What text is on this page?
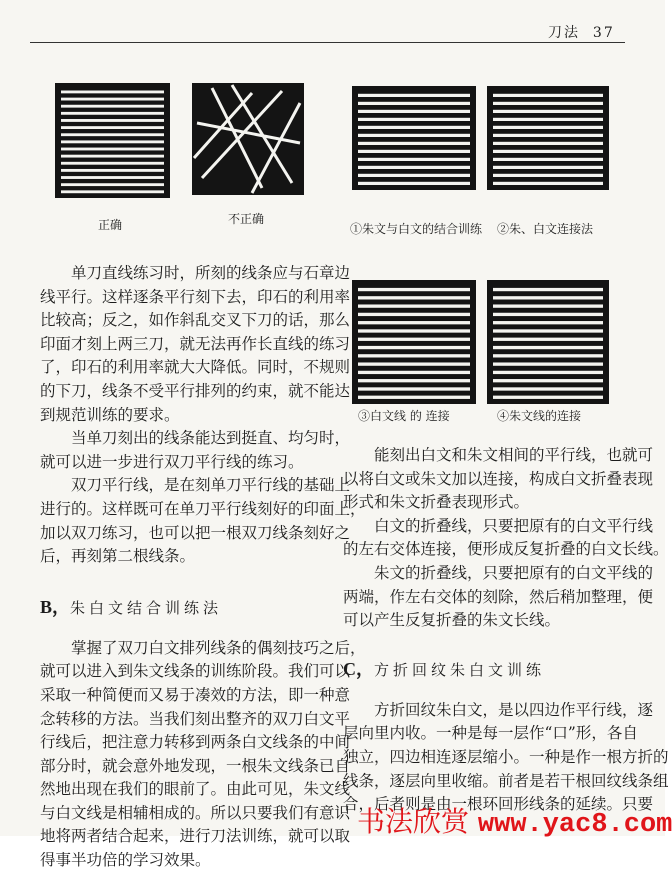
刀法 37
正确	不正确
①朱文与白文的结合训练 ②朱、白文连接法
③白文线 的 连接	④朱文线的连接
单刀直线练习时，所刻的线条应与石章边
线平行。这样逐条平行刻下去，印石的利用率
比较高；反之，如作斜乱交叉下刀的话，那么
印面才刻上两三刀，就无法再作长直线的练习
了，印石的利用率就大大降低。同时，不规则
的下刀，线条不受平行排列的约束，就不能达
到规范训练的要求。
当单刀刻出的线条能达到挺直、均匀时，
就可以进一步进行双刀平行线的练习。
双刀平行线，是在刻单刀平行线的基础上
进行的。这样既可在单刀平行线刻好的印面上，
加以双刀练习，也可以把一根双刀线条刻好之
后，再刻第二根线条。
B，朱白文结合训练法
掌握了双刀白文排列线条的偶刻技巧之后，
就可以进入到朱文线条的训练阶段。我们可以
采取一种简便而又易于凑效的方法，即一种意
念转移的方法。当我们刻出整齐的双刀白文平
行线后，把注意力转移到两条白文线条的中间
部分时，就会意外地发现，一根朱文线条已自
然地出现在我们的眼前了。由此可见，朱文线
与白文线是相辅相成的。所以只要我们有意识
地将两者结合起来，进行刀法训练，就可以取
得事半功倍的学习效果。
能刻出白文和朱文相间的平行线，也就可
以将白文或朱文加以连接，构成白文折叠表现
形式和朱文折叠表现形式。
白文的折叠线，只要把原有的白文平行线
的左右交体连接，便形成反复折叠的白文长线。
朱文的折叠线，只要把原有的白文平线的
两端，作左右交体的刻除，然后稍加整理，便
可以产生反复折叠的朱文长线。
C，方折回纹朱白文训练
方折回纹朱白文，是以四边作平行线，逐
层向里内收。一种是每一层作“口”形，各自
独立，四边相连逐层缩小。一种是作一根方折的
线条，逐层向里收缩。前者是若干根回纹线条组
合，后者则是由一根环回形线条的延续。只要
书法欣赏 www.yac8.com
